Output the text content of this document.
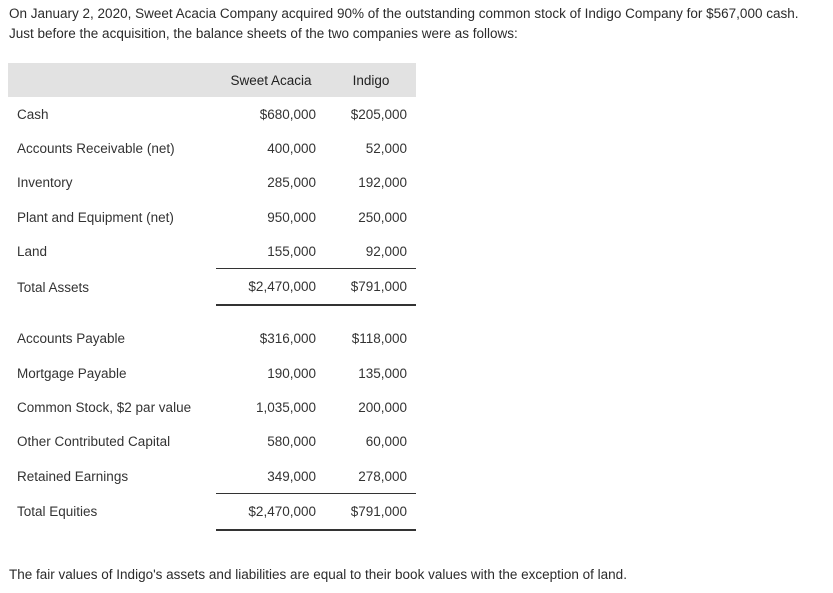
On January 2, 2020, Sweet Acacia Company acquired 90% of the outstanding common stock of Indigo Company for $567,000 cash.

Just before the acquisition, the balance sheets of the two companies were as follows:

	Sweet Acacia	Indigo
Cash	$680,000	$205,000
Accounts Receivable (net)	400,000	52,000
Inventory	285,000	192,000
Plant and Equipment (net)	950,000	250,000
Land	155,000	92,000
Total Assets	$2,470,000	$791,000

Accounts Payable	$316,000	$118,000
Mortgage Payable	190,000	135,000
Common Stock, $2 par value	1,035,000	200,000
Other Contributed Capital	580,000	60,000
Retained Earnings	349,000	278,000
Total Equities	$2,470,000	$791,000

The fair values of Indigo's assets and liabilities are equal to their book values with the exception of land.
